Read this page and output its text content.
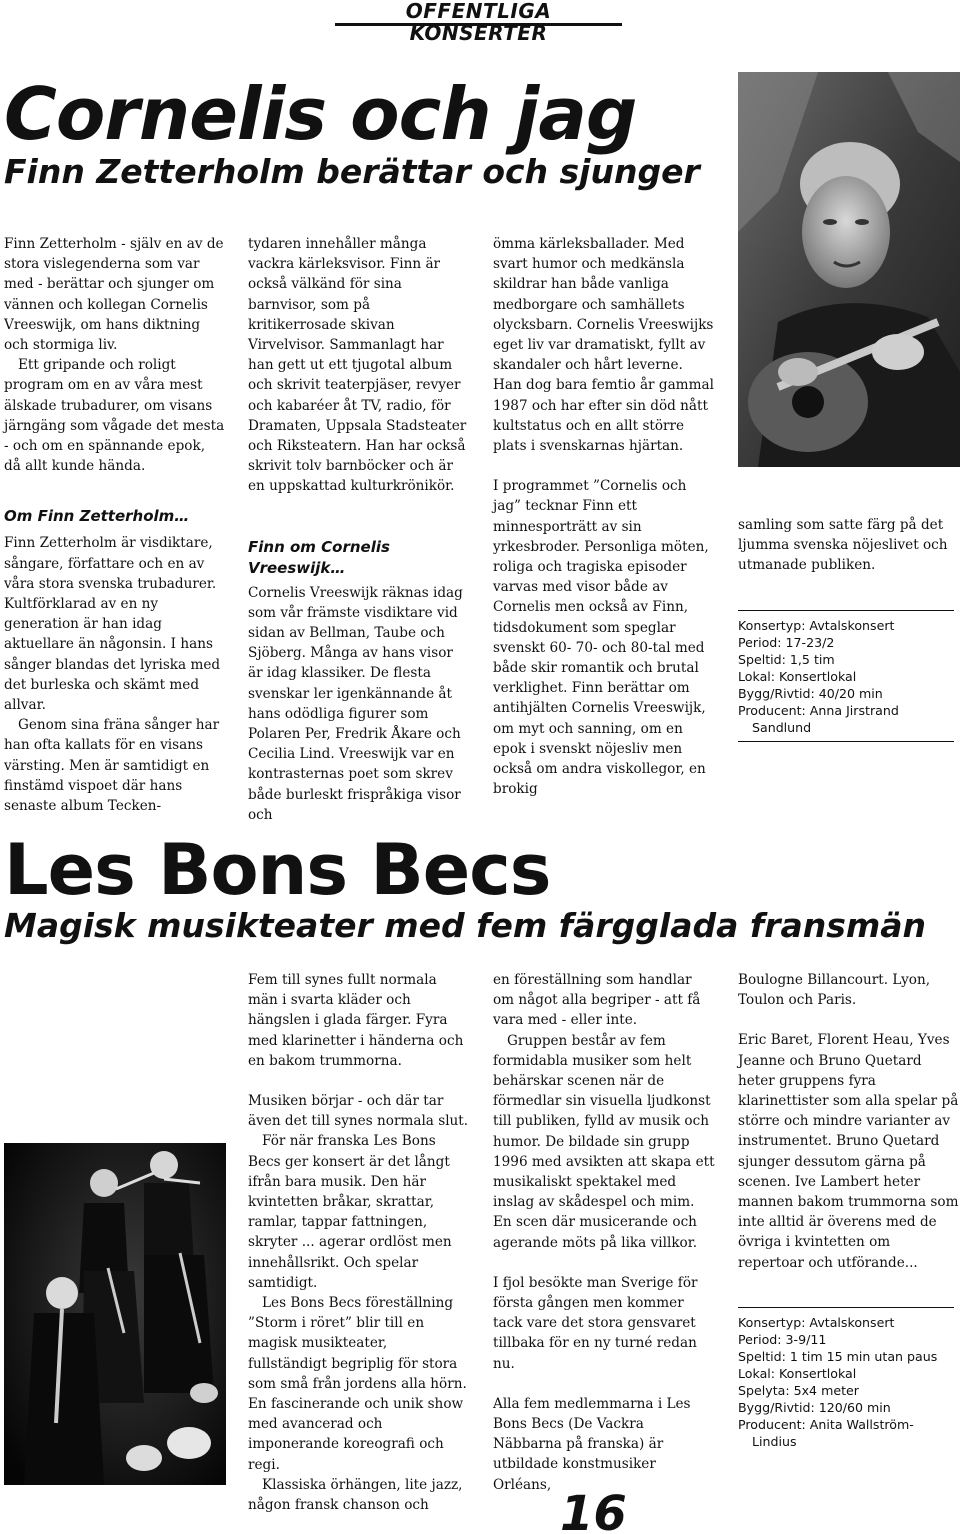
OFFENTLIGA KONSERTER
Cornelis och jag
Finn Zetterholm berättar och sjunger

Finn Zetterholm - själv en av de stora vislegenderna som var med - berättar och sjunger om vännen och kollegan Cornelis Vreeswijk, om hans diktning och stormiga liv.

Ett gripande och roligt program om en av våra mest älskade trubadurer, om visans järngäng som vågade det mesta - och om en spännande epok, då allt kunde hända.

Om Finn Zetterholm…

Finn Zetterholm är visdiktare, sångare, författare och en av våra stora svenska trubadurer. Kultförklarad av en ny generation är han idag aktuellare än någonsin. I hans sånger blandas det lyriska med det burleska och skämt med allvar.

Genom sina fräna sånger har han ofta kallats för en visans värsting. Men är samtidigt en finstämd vispoet där hans senaste album Tecken-

tydaren innehåller många vackra kärleksvisor. Finn är också välkänd för sina barnvisor, som på kritikerrosade skivan Virvelvisor. Sammanlagt har han gett ut ett tjugotal album och skrivit teaterpjäser, revyer och kabaréer åt TV, radio, för Dramaten, Uppsala Stadsteater och Riksteatern. Han har också skrivit tolv barnböcker och är en uppskattad kulturkrönikör.

Finn om Cornelis Vreeswijk…

Cornelis Vreeswijk räknas idag som vår främste visdiktare vid sidan av Bellman, Taube och Sjöberg. Många av hans visor är idag klassiker. De flesta svenskar ler igenkännande åt hans odödliga figurer som Polaren Per, Fredrik Åkare och Cecilia Lind. Vreeswijk var en kontrasternas poet som skrev både burleskt frispråkiga visor och

ömma kärleksballader. Med svart humor och medkänsla skildrar han både vanliga medborgare och samhällets olycksbarn. Cornelis Vreeswijks eget liv var dramatiskt, fyllt av skandaler och hårt leverne. Han dog bara femtio år gammal 1987 och har efter sin död nått kultstatus och en allt större plats i svenskarnas hjärtan.

I programmet ”Cornelis och jag” tecknar Finn ett minnesporträtt av sin yrkesbroder. Personliga möten, roliga och tragiska episoder varvas med visor både av Cornelis men också av Finn, tidsdokument som speglar svenskt 60- 70- och 80-tal med både skir romantik och brutal verklighet. Finn berättar om antihjälten Cornelis Vreeswijk, om myt och sanning, om en epok i svenskt nöjesliv men också om andra viskollegor, en brokig

samling som satte färg på det ljumma svenska nöjeslivet och utmanade publiken.

Konsertyp: Avtalskonsert
Period: 17-23/2
Speltid: 1,5 tim
Lokal: Konsertlokal
Bygg/Rivtid: 40/20 min
Producent: Anna Jirstrand
Sandlund
Les Bons Becs
Magisk musikteater med fem färgglada fransmän

Fem till synes fullt normala män i svarta kläder och hängslen i glada färger. Fyra med klarinetter i händerna och en bakom trummorna.

Musiken börjar - och där tar även det till synes normala slut.

För när franska Les Bons Becs ger konsert är det långt ifrån bara musik. Den här kvintetten bråkar, skrattar, ramlar, tappar fattningen, skryter ... agerar ordlöst men innehållsrikt. Och spelar samtidigt.

Les Bons Becs föreställning ”Storm i röret” blir till en magisk musikteater, fullständigt begriplig för stora som små från jordens alla hörn. En fascinerande och unik show med avancerad och imponerande koreografi och regi.

Klassiska örhängen, lite jazz, någon fransk chanson och

en föreställning som handlar om något alla begriper - att få vara med - eller inte.

Gruppen består av fem formidabla musiker som helt behärskar scenen när de förmedlar sin visuella ljudkonst till publiken, fylld av musik och humor. De bildade sin grupp 1996 med avsikten att skapa ett musikaliskt spektakel med inslag av skådespel och mim. En scen där musicerande och agerande möts på lika villkor.

I fjol besökte man Sverige för första gången men kommer tack vare det stora gensvaret tillbaka för en ny turné redan nu.

Alla fem medlemmarna i Les Bons Becs (De Vackra Näbbarna på franska) är utbildade konstmusiker Orléans,

Boulogne Billancourt. Lyon, Toulon och Paris.

Eric Baret, Florent Heau, Yves Jeanne och Bruno Quetard heter gruppens fyra klarinettister som alla spelar på större och mindre varianter av instrumentet. Bruno Quetard sjunger dessutom gärna på scenen. Ive Lambert heter mannen bakom trummorna som inte alltid är överens med de övriga i kvintetten om repertoar och utförande...

Konsertyp: Avtalskonsert
Period: 3-9/11
Speltid: 1 tim 15 min utan paus
Lokal: Konsertlokal
Spelyta: 5x4 meter
Bygg/Rivtid: 120/60 min
Producent: Anita Wallström-
Lindius
16
